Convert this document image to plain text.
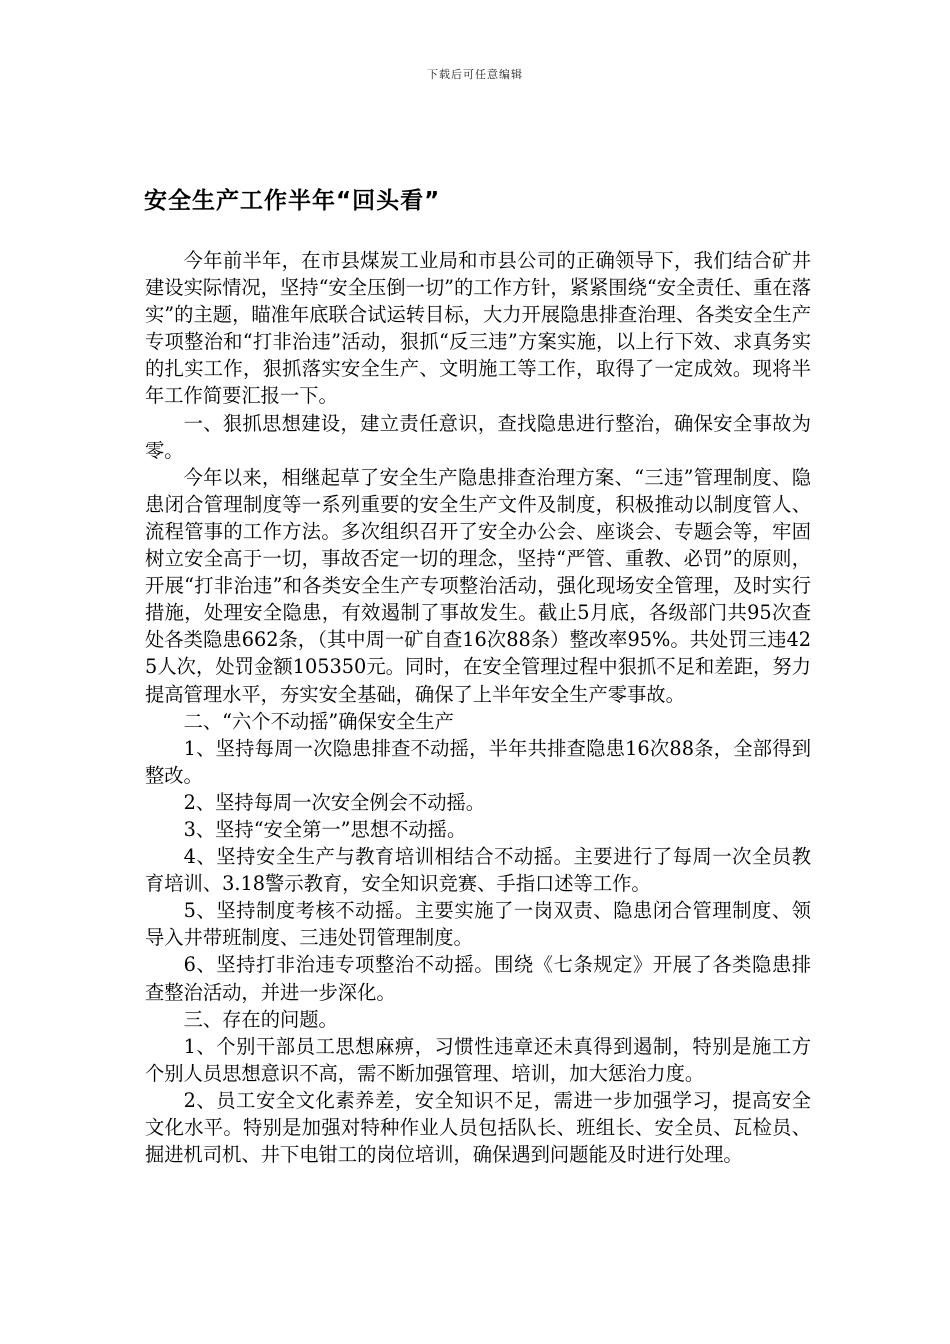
下载后可任意编辑
安全生产工作半年“回头看”

今年前半年，在市县煤炭工业局和市县公司的正确领导下，我们结合矿井建设实际情况，坚持“安全压倒一切”的工作方针，紧紧围绕“安全责任、重在落实”的主题，瞄准年底联合试运转目标，大力开展隐患排查治理、各类安全生产专项整治和“打非治违”活动，狠抓“反三违”方案实施，以上行下效、求真务实的扎实工作，狠抓落实安全生产、文明施工等工作，取得了一定成效。现将半年工作简要汇报一下。

一、狠抓思想建设，建立责任意识，查找隐患进行整治，确保安全事故为零。

今年以来，相继起草了安全生产隐患排查治理方案、“三违”管理制度、隐患闭合管理制度等一系列重要的安全生产文件及制度，积极推动以制度管人、流程管事的工作方法。多次组织召开了安全办公会、座谈会、专题会等，牢固树立安全高于一切，事故否定一切的理念，坚持“严管、重教、必罚”的原则，开展“打非治违”和各类安全生产专项整治活动，强化现场安全管理，及时实行措施，处理安全隐患，有效遏制了事故发生。截止5月底，各级部门共95次查处各类隐患662条，（其中周一矿自查16次88条）整改率95%。共处罚三违425人次，处罚金额105350元。同时，在安全管理过程中狠抓不足和差距，努力提高管理水平，夯实安全基础，确保了上半年安全生产零事故。

二、“六个不动摇”确保安全生产

1、坚持每周一次隐患排查不动摇，半年共排查隐患16次88条，全部得到整改。

2、坚持每周一次安全例会不动摇。

3、坚持“安全第一”思想不动摇。

4、坚持安全生产与教育培训相结合不动摇。主要进行了每周一次全员教育培训、3.18警示教育，安全知识竞赛、手指口述等工作。

5、坚持制度考核不动摇。主要实施了一岗双责、隐患闭合管理制度、领导入井带班制度、三违处罚管理制度。

6、坚持打非治违专项整治不动摇。围绕《七条规定》开展了各类隐患排查整治活动，并进一步深化。

三、存在的问题。

1、个别干部员工思想麻痹，习惯性违章还未真得到遏制，特别是施工方个别人员思想意识不高，需不断加强管理、培训，加大惩治力度。

2、员工安全文化素养差，安全知识不足，需进一步加强学习，提高安全文化水平。特别是加强对特种作业人员包括队长、班组长、安全员、瓦检员、掘进机司机、井下电钳工的岗位培训，确保遇到问题能及时进行处理。
